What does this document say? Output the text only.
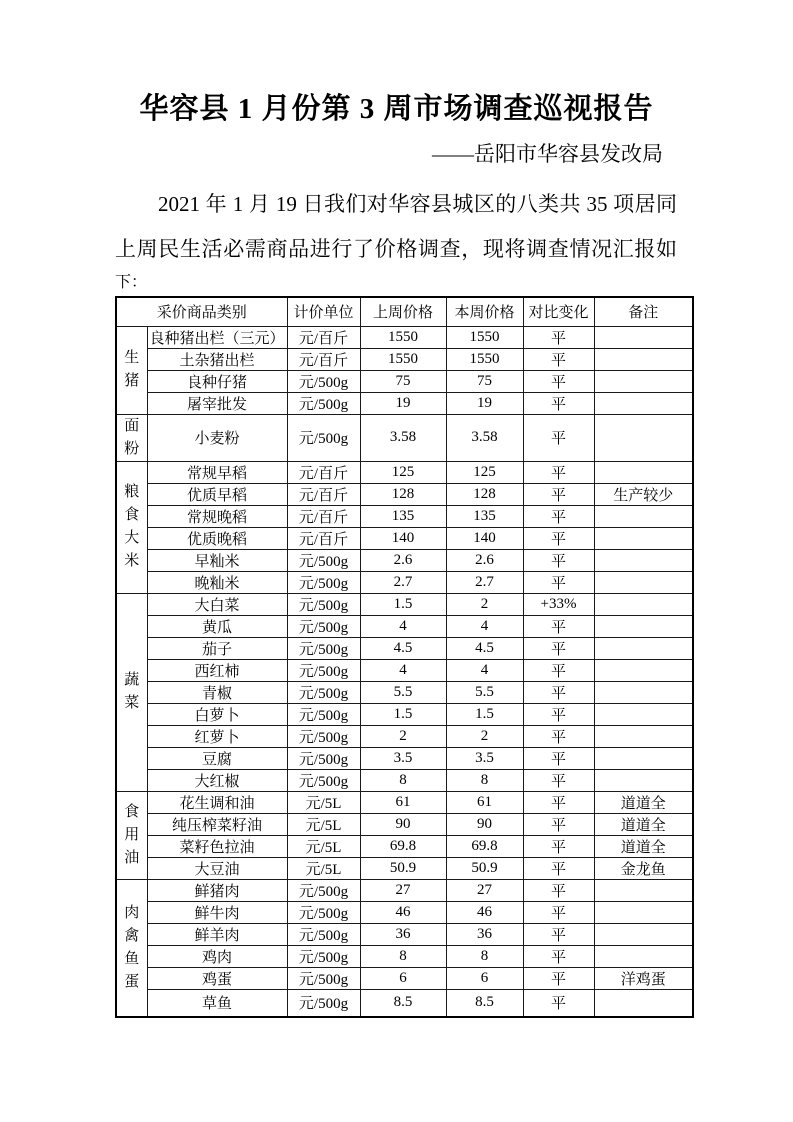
华容县 1 月份第 3 周市场调查巡视报告
——岳阳市华容县发改局
2021 年 1 月 19 日我们对华容县城区的八类共 35 项居同
上周民生活必需商品进行了价格调查，现将调查情况汇报如
下：
采价商品类别		计价单位	上周价格	本周价格	对比变化	备注
生
猪	良种猪出栏（三元）	元/百斤	1550	1550	平	
	土杂猪出栏	元/百斤	1550	1550	平	
	良种仔猪	元/500g	75	75	平	
	屠宰批发	元/500g	19	19	平	
面
粉	小麦粉	元/500g	3.58	3.58	平	
粮
食
大
米	常规早稻	元/百斤	125	125	平	
	优质早稻	元/百斤	128	128	平	生产较少
	常规晚稻	元/百斤	135	135	平	
	优质晚稻	元/百斤	140	140	平	
	早籼米	元/500g	2.6	2.6	平	
	晚籼米	元/500g	2.7	2.7	平	
蔬
菜	大白菜	元/500g	1.5	2	+33%	
	黄瓜	元/500g	4	4	平	
	茄子	元/500g	4.5	4.5	平	
	西红柿	元/500g	4	4	平	
	青椒	元/500g	5.5	5.5	平	
	白萝卜	元/500g	1.5	1.5	平	
	红萝卜	元/500g	2	2	平	
	豆腐	元/500g	3.5	3.5	平	
	大红椒	元/500g	8	8	平	
食
用
油	花生调和油	元/5L	61	61	平	道道全
	纯压榨菜籽油	元/5L	90	90	平	道道全
	菜籽色拉油	元/5L	69.8	69.8	平	道道全
	大豆油	元/5L	50.9	50.9	平	金龙鱼
肉
禽
鱼
蛋	鲜猪肉	元/500g	27	27	平	
	鲜牛肉	元/500g	46	46	平	
	鲜羊肉	元/500g	36	36	平	
	鸡肉	元/500g	8	8	平	
	鸡蛋	元/500g	6	6	平	洋鸡蛋
	草鱼	元/500g	8.5	8.5	平	
